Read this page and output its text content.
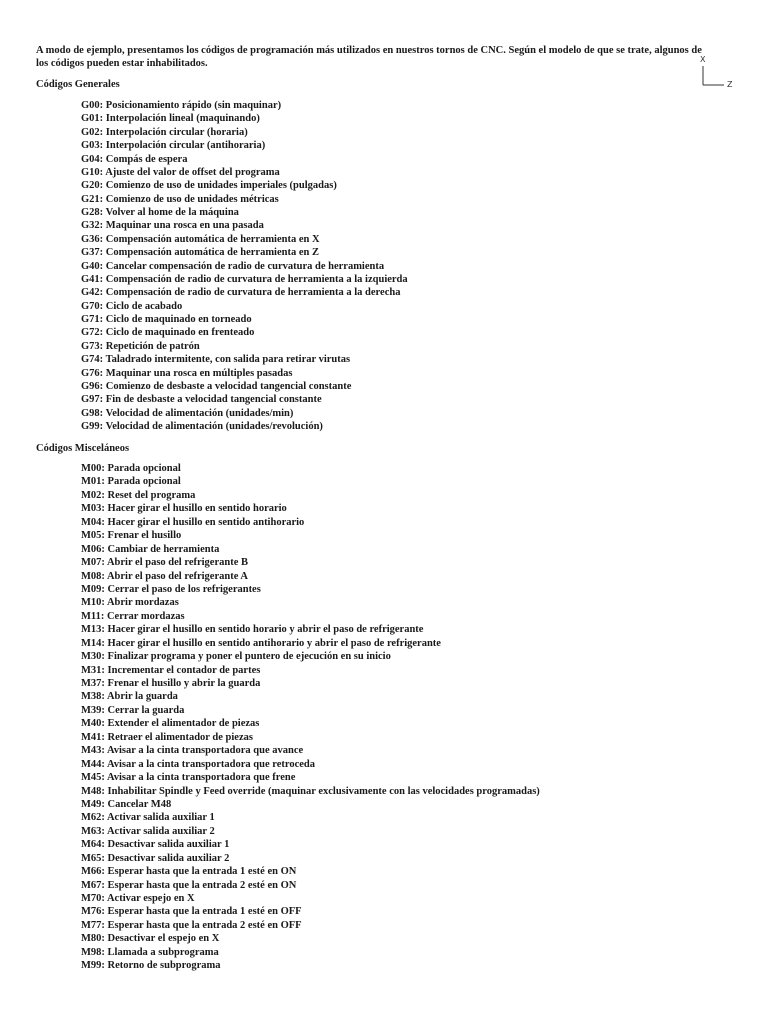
A modo de ejemplo, presentamos los códigos de programación más utilizados en nuestros tornos de CNC. Según el modelo de que se trate, algunos de los códigos pueden estar inhabilitados.	X
Z
Códigos Generales
G00: Posicionamiento rápido (sin maquinar)
G01: Interpolación lineal (maquinando)
G02: Interpolación circular (horaria)
G03: Interpolación circular (antihoraria)
G04: Compás de espera
G10: Ajuste del valor de offset del programa
G20: Comienzo de uso de unidades imperiales (pulgadas)
G21: Comienzo de uso de unidades métricas
G28: Volver al home de la máquina
G32: Maquinar una rosca en una pasada
G36: Compensación automática de herramienta en X
G37: Compensación automática de herramienta en Z
G40: Cancelar compensación de radio de curvatura de herramienta
G41: Compensación de radio de curvatura de herramienta a la izquierda
G42: Compensación de radio de curvatura de herramienta a la derecha
G70: Ciclo de acabado
G71: Ciclo de maquinado en torneado
G72: Ciclo de maquinado en frenteado
G73: Repetición de patrón
G74: Taladrado intermitente, con salida para retirar virutas
G76: Maquinar una rosca en múltiples pasadas
G96: Comienzo de desbaste a velocidad tangencial constante
G97: Fin de desbaste a velocidad tangencial constante
G98: Velocidad de alimentación (unidades/min)
G99: Velocidad de alimentación (unidades/revolución)
Códigos Misceláneos
M00: Parada opcional
M01: Parada opcional
M02: Reset del programa
M03: Hacer girar el husillo en sentido horario
M04: Hacer girar el husillo en sentido antihorario
M05: Frenar el husillo
M06: Cambiar de herramienta
M07: Abrir el paso del refrigerante B
M08: Abrir el paso del refrigerante A
M09: Cerrar el paso de los refrigerantes
M10: Abrir mordazas
M11: Cerrar mordazas
M13: Hacer girar el husillo en sentido horario y abrir el paso de refrigerante
M14: Hacer girar el husillo en sentido antihorario y abrir el paso de refrigerante
M30: Finalizar programa y poner el puntero de ejecución en su inicio
M31: Incrementar el contador de partes
M37: Frenar el husillo y abrir la guarda
M38: Abrir la guarda
M39: Cerrar la guarda
M40: Extender el alimentador de piezas
M41: Retraer el alimentador de piezas
M43: Avisar a la cinta transportadora que avance
M44: Avisar a la cinta transportadora que retroceda
M45: Avisar a la cinta transportadora que frene
M48: Inhabilitar Spindle y Feed override (maquinar exclusivamente con las velocidades programadas)
M49: Cancelar M48
M62: Activar salida auxiliar 1
M63: Activar salida auxiliar 2
M64: Desactivar salida auxiliar 1
M65: Desactivar salida auxiliar 2
M66: Esperar hasta que la entrada 1 esté en ON
M67: Esperar hasta que la entrada 2 esté en ON
M70: Activar espejo en X
M76: Esperar hasta que la entrada 1 esté en OFF
M77: Esperar hasta que la entrada 2 esté en OFF
M80: Desactivar el espejo en X
M98: Llamada a subprograma
M99: Retorno de subprograma
